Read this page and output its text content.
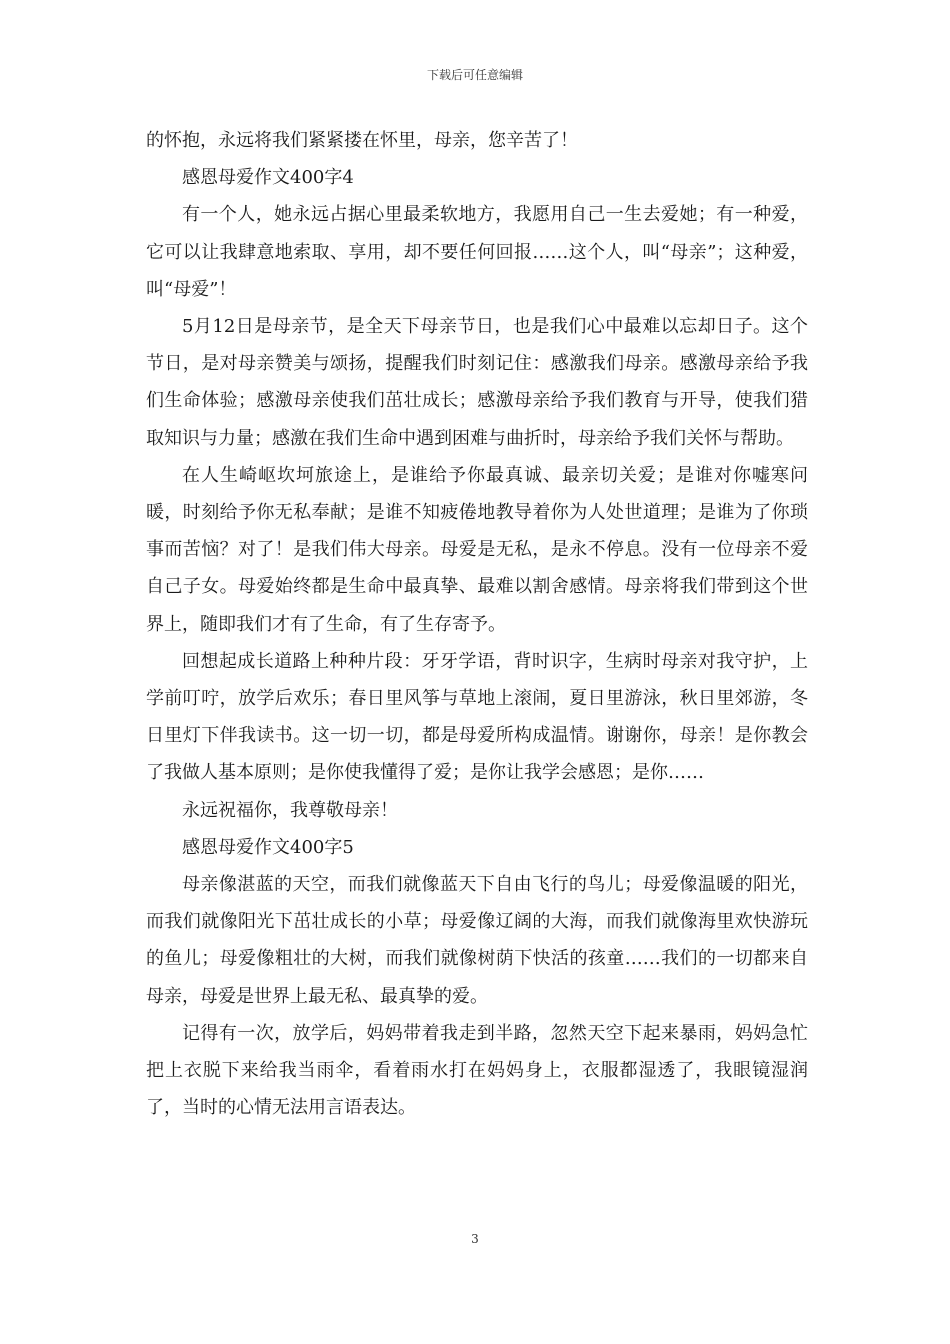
下载后可任意编辑

的怀抱，永远将我们紧紧搂在怀里，母亲，您辛苦了！

感恩母爱作文400字4

有一个人，她永远占据心里最柔软地方，我愿用自己一生去爱她；有一种爱，它可以让我肆意地索取、享用，却不要任何回报……这个人，叫“母亲”；这种爱，叫“母爱”！

5月12日是母亲节，是全天下母亲节日，也是我们心中最难以忘却日子。这个节日，是对母亲赞美与颂扬，提醒我们时刻记住：感激我们母亲。感激母亲给予我们生命体验；感激母亲使我们茁壮成长；感激母亲给予我们教育与开导，使我们猎取知识与力量；感激在我们生命中遇到困难与曲折时，母亲给予我们关怀与帮助。

在人生崎岖坎坷旅途上，是谁给予你最真诚、最亲切关爱；是谁对你嘘寒问暖，时刻给予你无私奉献；是谁不知疲倦地教导着你为人处世道理；是谁为了你琐事而苦恼？对了！是我们伟大母亲。母爱是无私，是永不停息。没有一位母亲不爱自己子女。母爱始终都是生命中最真挚、最难以割舍感情。母亲将我们带到这个世界上，随即我们才有了生命，有了生存寄予。

回想起成长道路上种种片段：牙牙学语，背时识字，生病时母亲对我守护，上学前叮咛，放学后欢乐；春日里风筝与草地上滚闹，夏日里游泳，秋日里郊游，冬日里灯下伴我读书。这一切一切，都是母爱所构成温情。谢谢你，母亲！是你教会了我做人基本原则；是你使我懂得了爱；是你让我学会感恩；是你……

永远祝福你，我尊敬母亲！

感恩母爱作文400字5

母亲像湛蓝的天空，而我们就像蓝天下自由飞行的鸟儿；母爱像温暖的阳光，而我们就像阳光下茁壮成长的小草；母爱像辽阔的大海，而我们就像海里欢快游玩的鱼儿；母爱像粗壮的大树，而我们就像树荫下快活的孩童……我们的一切都来自母亲，母爱是世界上最无私、最真挚的爱。

记得有一次，放学后，妈妈带着我走到半路，忽然天空下起来暴雨，妈妈急忙把上衣脱下来给我当雨伞，看着雨水打在妈妈身上，衣服都湿透了，我眼镜湿润了，当时的心情无法用言语表达。

3
